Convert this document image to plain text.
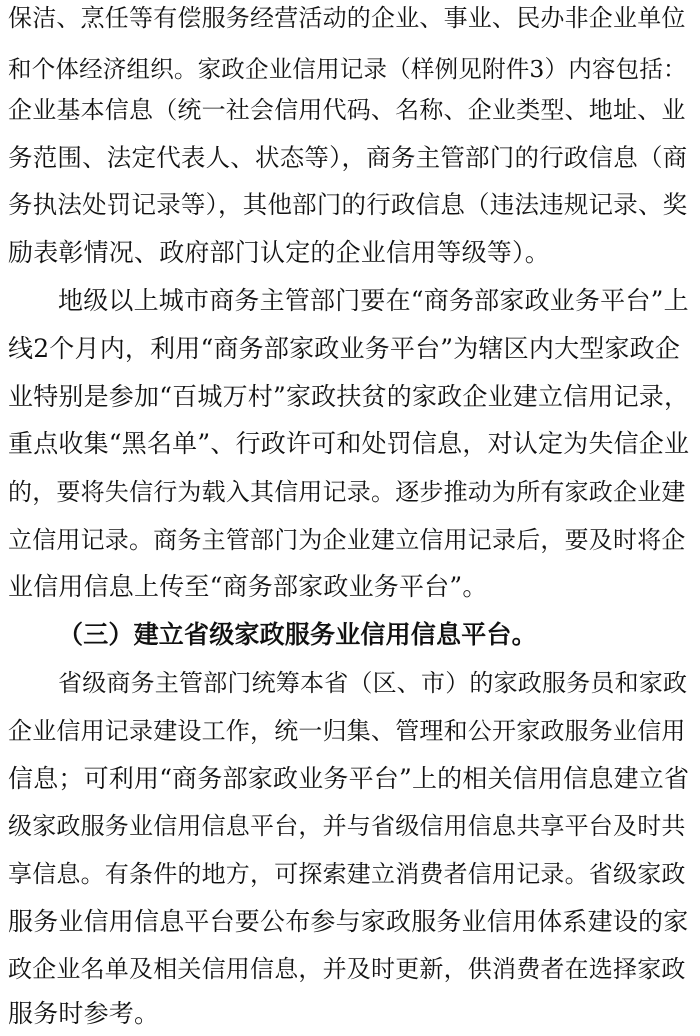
保洁、烹任等有偿服务经营活动的企业、事业、民办非企业单位
和个体经济组织。家政企业信用记录（样例见附件3）内容包括：
企业基本信息（统一社会信用代码、名称、企业类型、地址、业
务范围、法定代表人、状态等），商务主管部门的行政信息（商
务执法处罚记录等），其他部门的行政信息（违法违规记录、奖
励表彰情况、政府部门认定的企业信用等级等）。
地级以上城市商务主管部门要在“商务部家政业务平台”上
线2个月内，利用“商务部家政业务平台”为辖区内大型家政企
业特别是参加“百城万村”家政扶贫的家政企业建立信用记录，
重点收集“黑名单”、行政许可和处罚信息，对认定为失信企业
的，要将失信行为载入其信用记录。逐步推动为所有家政企业建
立信用记录。商务主管部门为企业建立信用记录后，要及时将企
业信用信息上传至“商务部家政业务平台”。
（三）建立省级家政服务业信用信息平台。
省级商务主管部门统筹本省（区、市）的家政服务员和家政
企业信用记录建设工作，统一归集、管理和公开家政服务业信用
信息；可利用“商务部家政业务平台”上的相关信用信息建立省
级家政服务业信用信息平台，并与省级信用信息共享平台及时共
享信息。有条件的地方，可探索建立消费者信用记录。省级家政
服务业信用信息平台要公布参与家政服务业信用体系建设的家
政企业名单及相关信用信息，并及时更新，供消费者在选择家政
服务时参考。
